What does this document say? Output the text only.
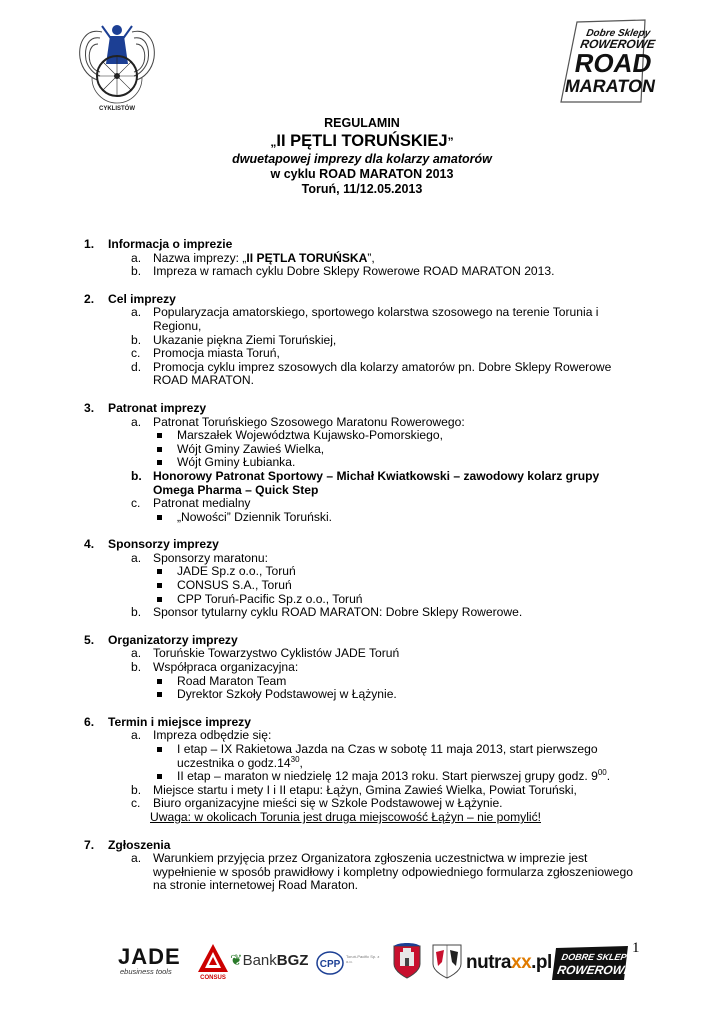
CYKLISTÓW
Dobre Sklepy
ROWEROWE
ROAD
MARATON
REGULAMIN
„II PĘTLI TORUŃSKIEJ”
dwuetapowej imprezy dla kolarzy amatorów
w cyklu ROAD MARATON 2013
Toruń, 11/12.05.2013
1. Informacja o imprezie
a. Nazwa imprezy: „II PĘTLA TORUŃSKA”,
b. Impreza w ramach cyklu Dobre Sklepy Rowerowe ROAD MARATON 2013.
2. Cel imprezy
a. Popularyzacja amatorskiego, sportowego kolarstwa szosowego na terenie Torunia i Regionu,
b. Ukazanie piękna Ziemi Toruńskiej,
c. Promocja miasta Toruń,
d. Promocja cyklu imprez szosowych dla kolarzy amatorów pn. Dobre Sklepy Rowerowe ROAD MARATON.
3. Patronat imprezy
a. Patronat Toruńskiego Szosowego Maratonu Rowerowego:
Marszałek Województwa Kujawsko-Pomorskiego,
Wójt Gminy Zawieś Wielka,
Wójt Gminy Łubianka.
b. Honorowy Patronat Sportowy – Michał Kwiatkowski – zawodowy kolarz grupy Omega Pharma – Quick Step
c. Patronat medialny
„Nowości” Dziennik Toruński.
4. Sponsorzy imprezy
a. Sponsorzy maratonu:
JADE Sp.z o.o., Toruń
CONSUS S.A., Toruń
CPP Toruń-Pacific Sp.z o.o., Toruń
b. Sponsor tytularny cyklu ROAD MARATON: Dobre Sklepy Rowerowe.
5. Organizatorzy imprezy
a. Toruńskie Towarzystwo Cyklistów JADE Toruń
b. Współpraca organizacyjna:
Road Maraton Team
Dyrektor Szkoły Podstawowej w Łążynie.
6. Termin i miejsce imprezy
a. Impreza odbędzie się:
I etap – IX Rakietowa Jazda na Czas w sobotę 11 maja 2013, start pierwszego uczestnika o $godz.14^{30}$,
II etap – maraton w niedzielę 12 maja 2013 roku. Start pierwszej grupy godz. $9^{00}$.
b. Miejsce startu i mety I i II etapu: Łążyn, Gmina Zawieś Wielka, Powiat Toruński,
c. Biuro organizacyjne mieści się w Szkole Podstawowej w Łążynie.
Uwaga: w okolicach Torunia jest druga miejscowość Łążyn – nie pomylić!
7. Zgłoszenia
a. Warunkiem przyjęcia przez Organizatora zgłoszenia uczestnictwa w imprezie jest wypełnienie w sposób prawidłowy i kompletny odpowiedniego formularza zgłoszeniowego na stronie internetowej Road Maraton.
1
JADE
ebusiness tools
CONSUS
❦BankBGZ CPP
Toruń-Pacific Sp. z o.o.	nutraxx.pl DOBRE SKLEPY
ROWEROWE
